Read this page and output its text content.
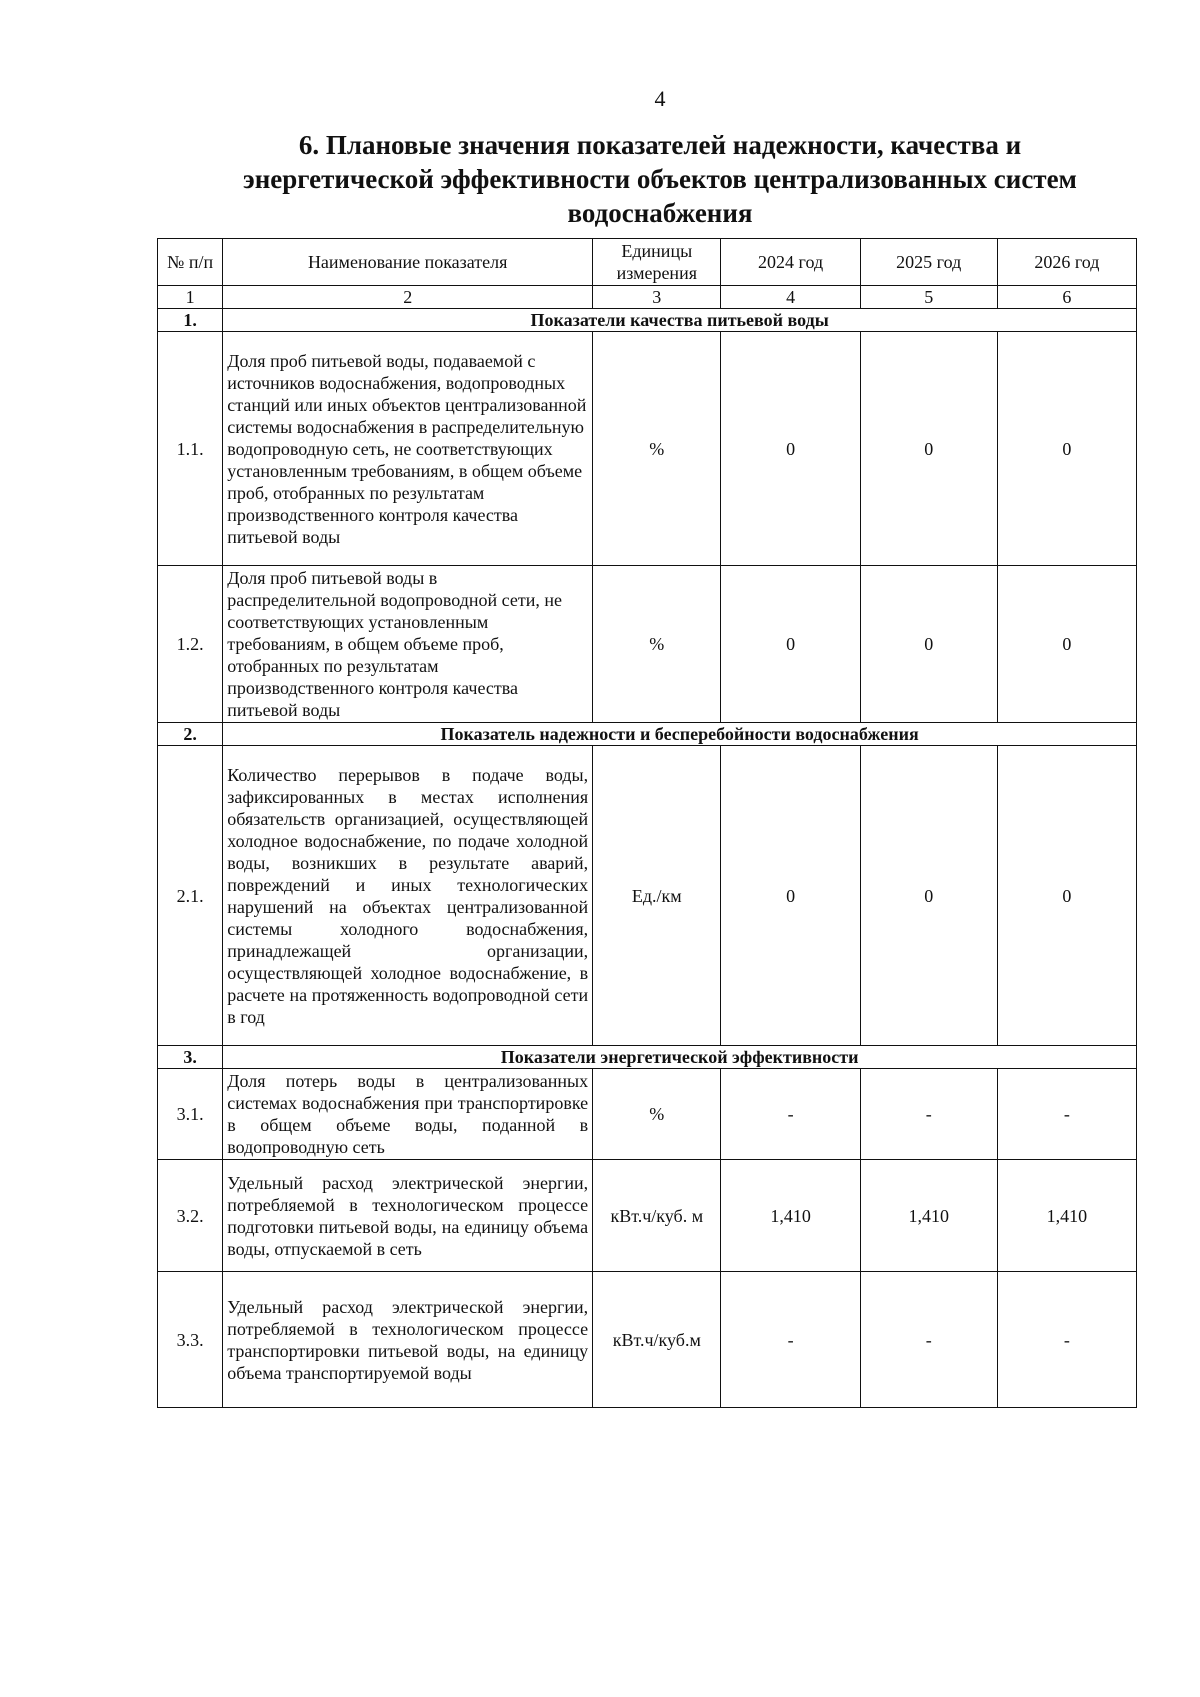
4
6. Плановые значения показателей надежности, качества и
энергетической эффективности объектов централизованных систем
водоснабжения
№ п/п	Наименование показателя	Единицы измерения	2024 год	2025 год	2026 год
1	2	3	4	5	6
1.	Показатели качества питьевой воды				
1.1.	Доля проб питьевой воды, подаваемой с источников водоснабжения, водопроводных станций или иных объектов централизованной системы водоснабжения в распределительную водопроводную сеть, не соответствующих установленным требованиям, в общем объеме проб, отобранных по результатам производственного контроля качества питьевой воды	%	0	0	0
1.2.	Доля проб питьевой воды в распределительной водопроводной сети, не соответствующих установленным требованиям, в общем объеме проб, отобранных по результатам производственного контроля качества питьевой воды	%	0	0	0
2.	Показатель надежности и бесперебойности водоснабжения				
2.1.	Количество перерывов в подаче воды, зафиксированных в местах исполнения обязательств организацией, осуществляющей холодное водоснабжение, по подаче холодной воды, возникших в результате аварий, повреждений и иных технологических нарушений на объектах централизованной системы холодного водоснабжения, принадлежащей организации, осуществляющей холодное водоснабжение, в расчете на протяженность водопроводной сети в год	Ед./км	0	0	0
3.	Показатели энергетической эффективности				
3.1.	Доля потерь воды в централизованных системах водоснабжения при транспортировке в общем объеме воды, поданной в водопроводную сеть	%	-	-	-
3.2.	Удельный расход электрической энергии, потребляемой в технологическом процессе подготовки питьевой воды, на единицу объема воды, отпускаемой в сеть	кВт.ч/куб. м	1,410	1,410	1,410
3.3.	Удельный расход электрической энергии, потребляемой в технологическом процессе транспортировки питьевой воды, на единицу объема транспортируемой воды	кВт.ч/куб.м	-	-	-
